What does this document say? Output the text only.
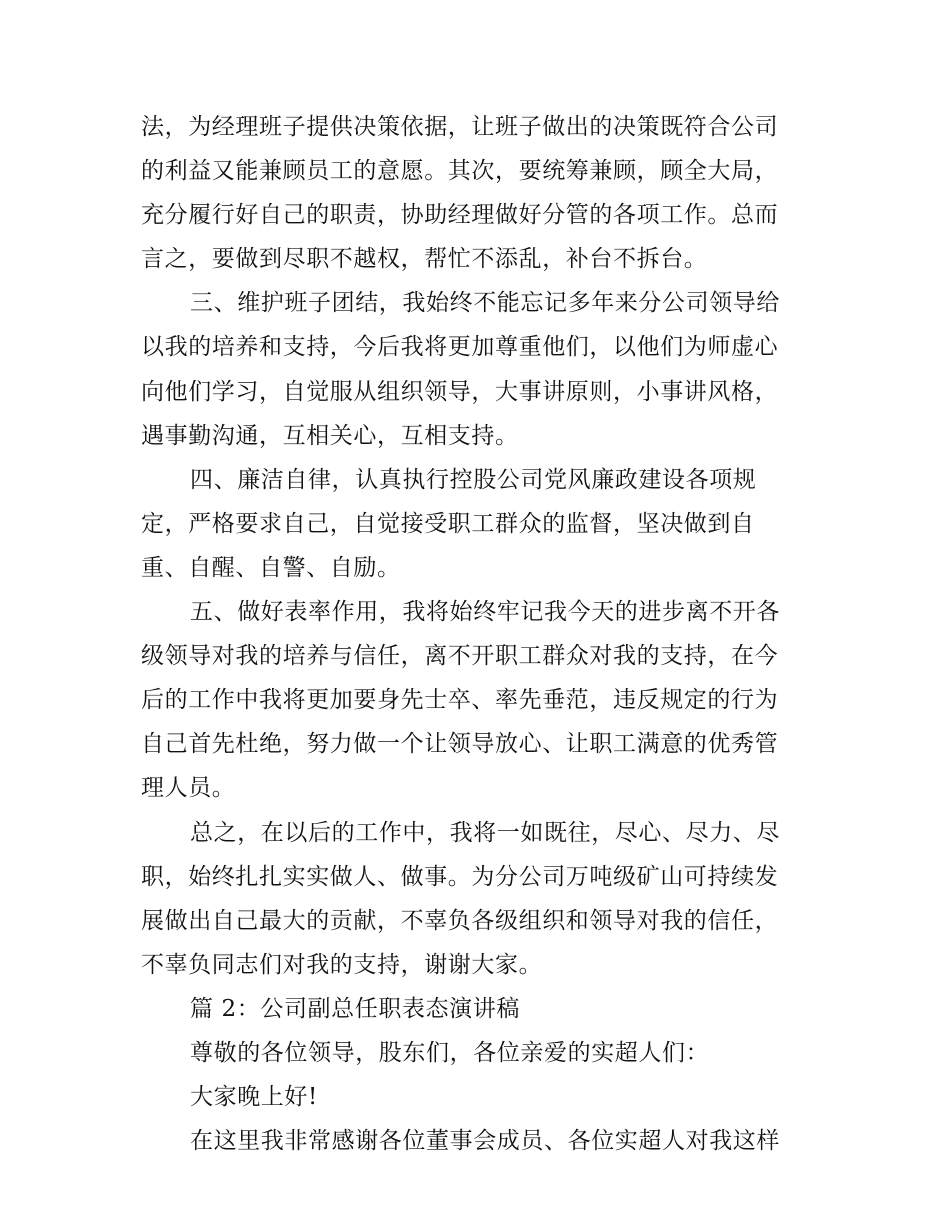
法，为经理班子提供决策依据，让班子做出的决策既符合公司
的利益又能兼顾员工的意愿。其次，要统筹兼顾，顾全大局，
充分履行好自己的职责，协助经理做好分管的各项工作。总而
言之，要做到尽职不越权，帮忙不添乱，补台不拆台。
三、维护班子团结，我始终不能忘记多年来分公司领导给
以我的培养和支持，今后我将更加尊重他们，以他们为师虚心
向他们学习，自觉服从组织领导，大事讲原则，小事讲风格，
遇事勤沟通，互相关心，互相支持。
四、廉洁自律，认真执行控股公司党风廉政建设各项规
定，严格要求自己，自觉接受职工群众的监督，坚决做到自
重、自醒、自警、自励。
五、做好表率作用，我将始终牢记我今天的进步离不开各
级领导对我的培养与信任，离不开职工群众对我的支持，在今
后的工作中我将更加要身先士卒、率先垂范，违反规定的行为
自己首先杜绝，努力做一个让领导放心、让职工满意的优秀管
理人员。
总之，在以后的工作中，我将一如既往，尽心、尽力、尽
职，始终扎扎实实做人、做事。为分公司万吨级矿山可持续发
展做出自己最大的贡献，不辜负各级组织和领导对我的信任，
不辜负同志们对我的支持，谢谢大家。
篇 2：公司副总任职表态演讲稿
尊敬的各位领导，股东们，各位亲爱的实超人们：
大家晚上好!
在这里我非常感谢各位董事会成员、各位实超人对我这样
